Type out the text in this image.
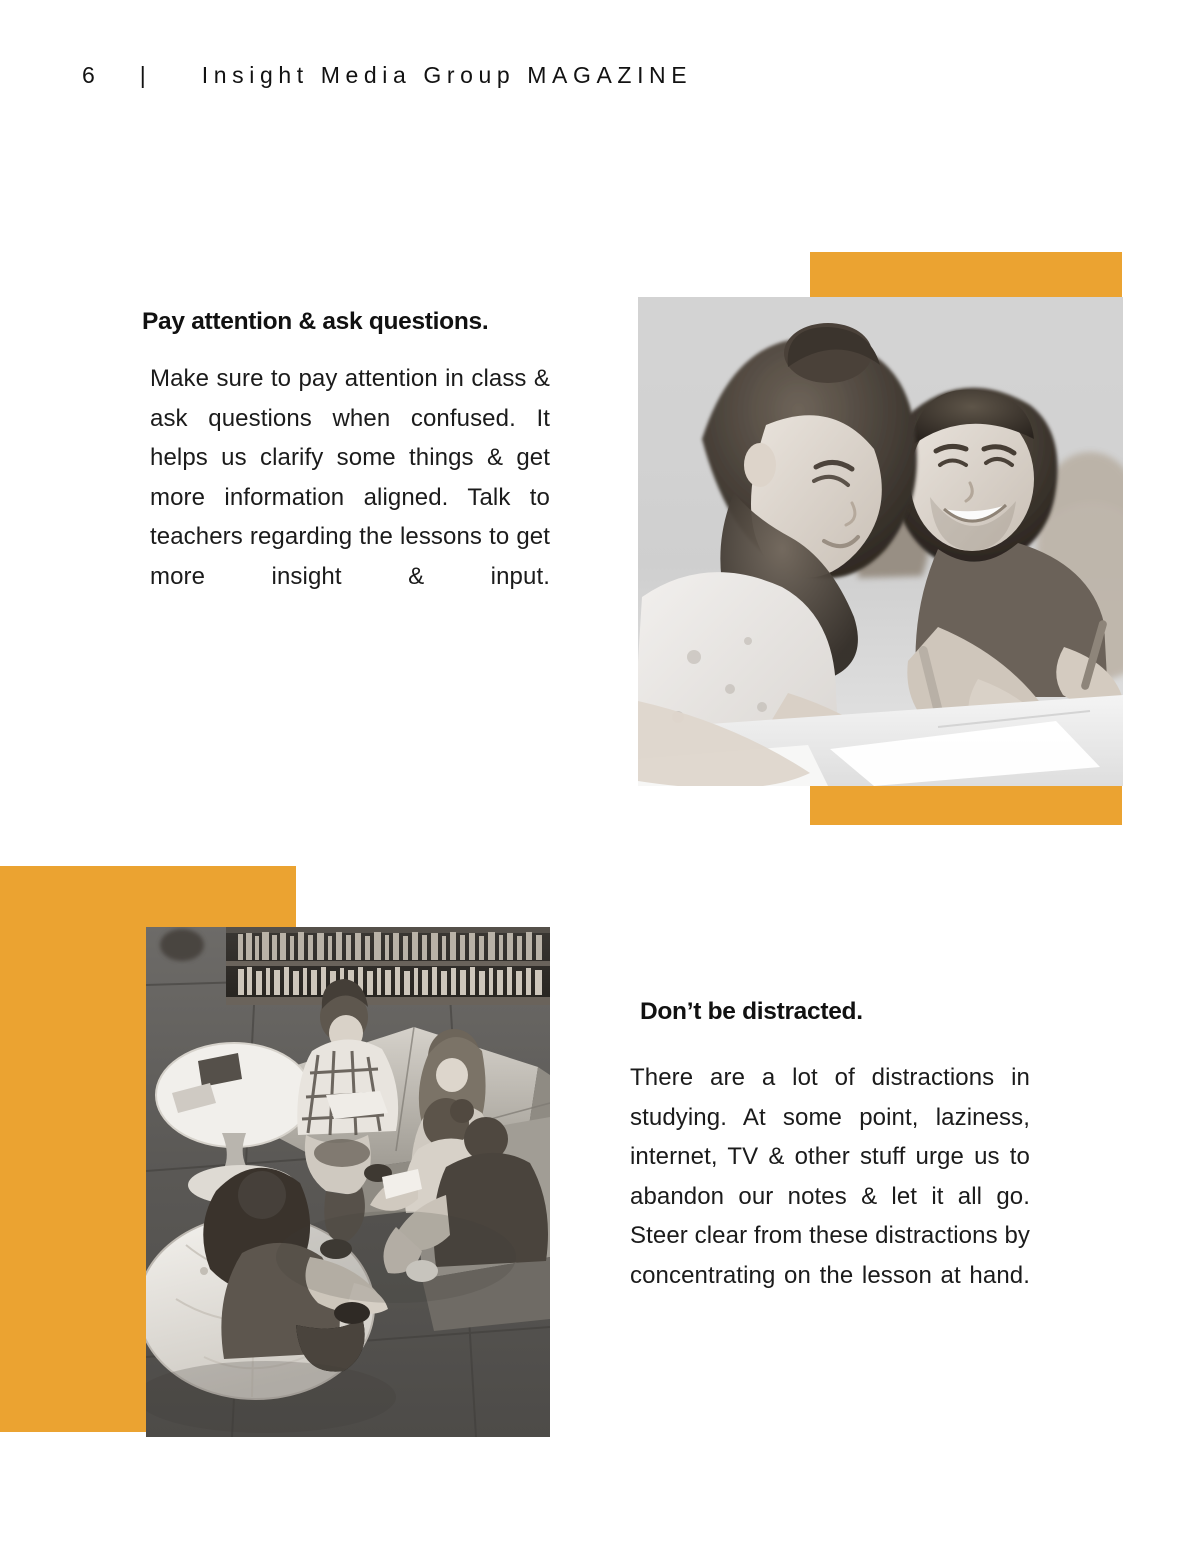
6 | Insight Media Group MAGAZINE
Pay attention & ask questions.
Make sure to pay attention in class & ask questions when confused. It helps us clarify some things & get more information aligned. Talk to teachers regarding the lessons to get more insight & input.
Don’t be distracted.
There are a lot of distractions in studying. At some point, laziness, internet, TV & other stuff urge us to abandon our notes & let it all go. Steer clear from these distractions by concentrating on the lesson at hand.
